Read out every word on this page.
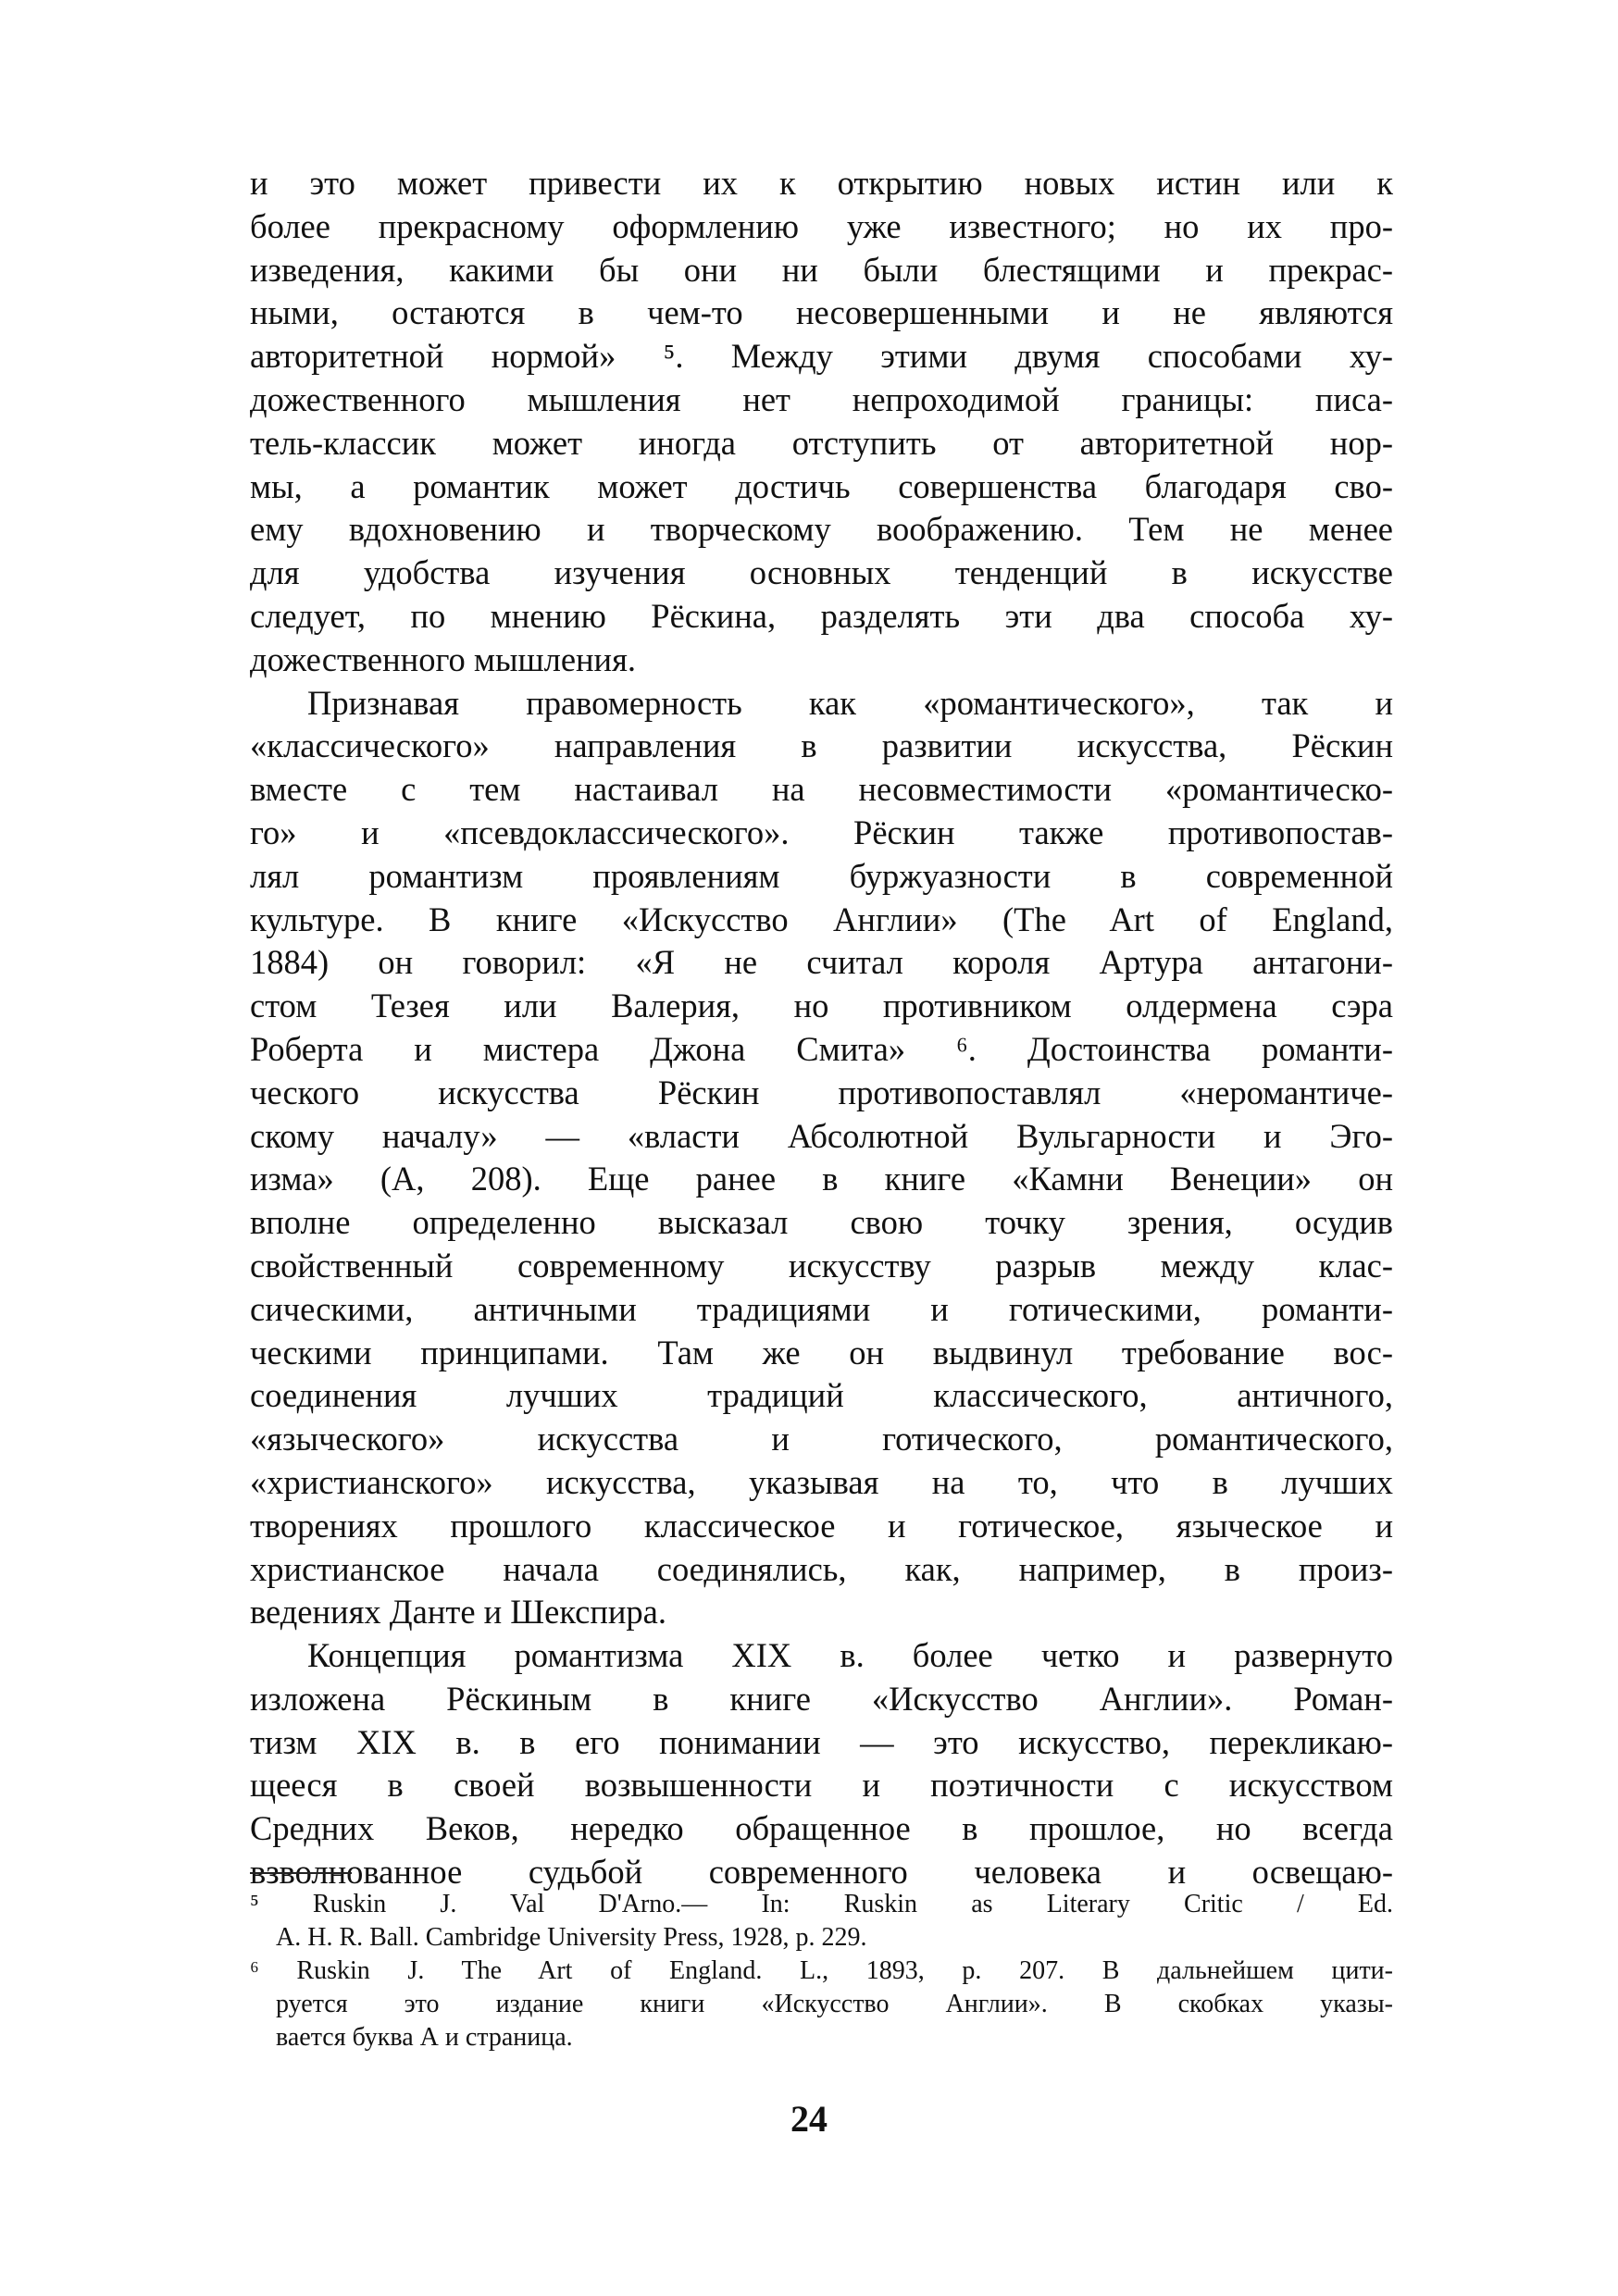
и это может привести их к открытию новых истин или к
более прекрасному оформлению уже известного; но их про-
изведения, какими бы они ни были блестящими и прекрас-
ными, остаются в чем-то несовершенными и не являются
авторитетной нормой» ⁵. Между этими двумя способами ху-
дожественного мышления нет непроходимой границы: писа-
тель-классик может иногда отступить от авторитетной нор-
мы, а романтик может достичь совершенства благодаря сво-
ему вдохновению и творческому воображению. Тем не менее
для удобства изучения основных тенденций в искусстве
следует, по мнению Рёскина, разделять эти два способа ху-
дожественного мышления.
Признавая правомерность как «романтического», так и
«классического» направления в развитии искусства, Рёскин
вместе с тем настаивал на несовместимости «романтическо-
го» и «псевдоклассического». Рёскин также противопостав-
лял романтизм проявлениям буржуазности в современной
культуре. В книге «Искусство Англии» (The Art of England,
1884) он говорил: «Я не считал короля Артура антагони-
стом Тезея или Валерия, но противником олдермена сэра
Роберта и мистера Джона Смита» ⁶. Достоинства романти-
ческого искусства Рёскин противопоставлял «неромантиче-
скому началу» — «власти Абсолютной Вульгарности и Эго-
изма» (А, 208). Еще ранее в книге «Камни Венеции» он
вполне определенно высказал свою точку зрения, осудив
свойственный современному искусству разрыв между клас-
сическими, античными традициями и готическими, романти-
ческими принципами. Там же он выдвинул требование вос-
соединения лучших традиций классического, античного,
«языческого» искусства и готического, романтического,
«христианского» искусства, указывая на то, что в лучших
творениях прошлого классическое и готическое, языческое и
христианское начала соединялись, как, например, в произ-
ведениях Данте и Шекспира.
Концепция романтизма XIX в. более четко и развернуто
изложена Рёскиным в книге «Искусство Англии». Роман-
тизм XIX в. в его понимании — это искусство, перекликаю-
щееся в своей возвышенности и поэтичности с искусством
Средних Веков, нередко обращенное в прошлое, но всегда
взволнованное судьбой современного человека и освещаю-
⁵ Ruskin J. Val D'Arno.— In: Ruskin as Literary Critic / Ed.
A. H. R. Ball. Cambridge University Press, 1928, p. 229.
⁶ Ruskin J. The Art of England. L., 1893, p. 207. В дальнейшем цити-
руется это издание книги «Искусство Англии». В скобках указы-
вается буква А и страница.
24
